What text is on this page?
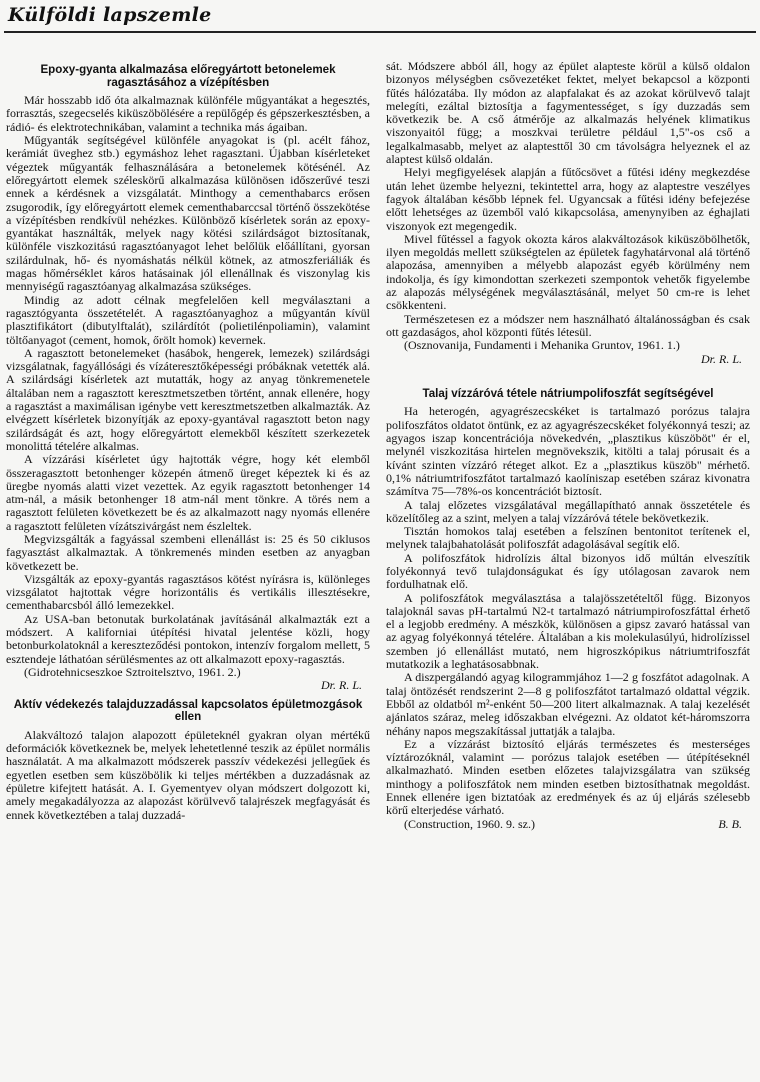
Külföldi lapszemle
Epoxy-gyanta alkalmazása előregyártott betonelemek ragasztásához a vízépítésben

Már hosszabb idő óta alkalmaznak különféle műgyantákat a hegesztés, forrasztás, szegecselés kiküszöbölésére a repülőgép és gépszerkesztésben, a rádió- és elektrotechnikában, valamint a technika más ágaiban.

Műgyanták segítségével különféle anyagokat is (pl. acélt fához, kerámiát üveghez stb.) egymáshoz lehet ragasztani. Újabban kísérleteket végeztek műgyanták felhasználására a betonelemek kötésénél. Az előregyártott elemek széleskörű alkalmazása különösen időszerűvé teszi ennek a kérdésnek a vizsgálatát. Minthogy a cementhabarcs erősen zsugorodik, így előregyártott elemek cementhabarccsal történő összekötése a vízépítésben rendkívül nehézkes. Különböző kísérletek során az epoxy-gyantákat használták, melyek nagy kötési szilárdságot biztosítanak, különféle viszkozitású ragasztóanyagot lehet belőlük előállítani, gyorsan szilárdulnak, hő- és nyomáshatás nélkül kötnek, az atmoszferiáliák és magas hőmérséklet káros hatásainak jól ellenállnak és viszonylag kis mennyiségű ragasztóanyag alkalmazása szükséges.

Mindig az adott célnak megfelelően kell megválasztani a ragasztógyanta összetételét. A ragasztóanyaghoz a műgyantán kívül plasztifikátort (dibutylftalát), szilárdítót (polietilénpoliamin), valamint töltőanyagot (cement, homok, őrölt homok) kevernek.

A ragasztott betonelemeket (hasábok, hengerek, lemezek) szilárdsági vizsgálatnak, fagyállósági és vízáteresztőképességi próbáknak vetették alá. A szilárdsági kísérletek azt mutatták, hogy az anyag tönkremenetele általában nem a ragasztott keresztmetszetben történt, annak ellenére, hogy a ragasztást a maximálisan igénybe vett keresztmetszetben alkalmazták. Az elvégzett kísérletek bizonyítják az epoxy-gyantával ragasztott beton nagy szilárdságát és azt, hogy előregyártott elemekből készített szerkezetek monolittá tételére alkalmas.

A vízzárási kísérletet úgy hajtották végre, hogy két elemből összeragasztott betonhenger közepén átmenő üreget képeztek ki és az üregbe nyomás alatti vizet vezettek. Az egyik ragasztott betonhenger 14 atm-nál, a másik betonhenger 18 atm-nál ment tönkre. A törés nem a ragasztott felületen következett be és az alkalmazott nagy nyomás ellenére a ragasztott felületen vízátszivárgást nem észleltek.

Megvizsgálták a fagyással szembeni ellenállást is: 25 és 50 ciklusos fagyasztást alkalmaztak. A tönkremenés minden esetben az anyagban következett be.

Vizsgálták az epoxy-gyantás ragasztásos kötést nyírásra is, különleges vizsgálatot hajtottak végre horizontális és vertikális illesztésekre, cementhabarcsból álló lemezekkel.

Az USA-ban betonutak burkolatának javításánál alkalmazták ezt a módszert. A kaliforniai útépítési hivatal jelentése közli, hogy betonburkolatoknál a kereszteződési pontokon, intenzív forgalom mellett, 5 esztendeje láthatóan sérülésmentes az ott alkalmazott epoxy-ragasztás.

(Gidrotehnicseszkoe Sztroitelsztvo, 1961. 2.)

Dr. R. L.
Aktív védekezés talajduzzadással kapcsolatos épületmozgások ellen

Alakváltozó talajon alapozott épületeknél gyakran olyan mértékű deformációk következnek be, melyek lehetetlenné teszik az épület normális használatát. A ma alkalmazott módszerek passzív védekezési jellegűek és egyetlen esetben sem küszöbölik ki teljes mértékben a duzzadásnak az épületre kifejtett hatását. A. I. Gyementyev olyan módszert dolgozott ki, amely megakadályozza az alapozást körülvevő talajrészek megfagyását és ennek következtében a talaj duzzadá-

sát. Módszere abból áll, hogy az épület alapteste körül a külső oldalon bizonyos mélységben csővezetéket fektet, melyet bekapcsol a központi fűtés hálózatába. Ily módon az alapfalakat és az azokat körülvevő talajt melegíti, ezáltal biztosítja a fagymentességet, s így duzzadás sem következik be. A cső átmérője az alkalmazás helyének klimatikus viszonyaitól függ; a moszkvai területre például 1,5"-os cső a legalkalmasabb, melyet az alaptesttől 30 cm távolságra helyeznek el az alaptest külső oldalán.

Helyi megfigyelések alapján a fűtőcsövet a fűtési idény megkezdése után lehet üzembe helyezni, tekintettel arra, hogy az alaptestre veszélyes fagyok általában később lépnek fel. Ugyancsak a fűtési idény befejezése előtt lehetséges az üzemből való kikapcsolása, amenynyiben az éghajlati viszonyok ezt megengedik.

Mivel fűtéssel a fagyok okozta káros alakváltozások kiküszöbölhetők, ilyen megoldás mellett szükségtelen az épületek fagyhatárvonal alá történő alapozása, amennyiben a mélyebb alapozást egyéb körülmény nem indokolja, és így kimondottan szerkezeti szempontok vehetők figyelembe az alapozás mélységének megválasztásánál, melyet 50 cm-re is lehet csökkenteni.

Természetesen ez a módszer nem használható általánosságban és csak ott gazdaságos, ahol központi fűtés létesül.

(Osznovanija, Fundamenti i Mehanika Gruntov, 1961. 1.)

Dr. R. L.
Talaj vízzáróvá tétele nátriumpolifoszfát segítségével

Ha heterogén, agyagrészecskéket is tartalmazó porózus talajra polifoszfátos oldatot öntünk, ez az agyagrészecskéket folyékonnyá teszi; az agyagos iszap koncentrációja növekedvén, „plasztikus küszöböt" ér el, melynél viszkozitása hirtelen megnövekszik, kitölti a talaj pórusait és a kívánt szinten vízzáró réteget alkot. Ez a „plasztikus küszöb" mérhető. 0,1% nátriumtrifoszfátot tartalmazó kaolíniszap esetében száraz kivonatra számítva 75—78%-os koncentrációt biztosít.

A talaj előzetes vizsgálatával megállapítható annak összetétele és közelítőleg az a szint, melyen a talaj vízzáróvá tétele bekövetkezik.

Tisztán homokos talaj esetében a felszínen bentonitot terítenek el, melynek talajbahatolását polifoszfát adagolásával segítik elő.

A polifoszfátok hidrolízis által bizonyos idő múltán elveszítik folyékonnyá tevő tulajdonságukat és így utólagosan zavarok nem fordulhatnak elő.

A polifoszfátok megválasztása a talajösszetételtől függ. Bizonyos talajoknál savas pH-tartalmú N2-t tartalmazó nátriumpirofoszfáttal érhető el a legjobb eredmény. A mészkök, különösen a gipsz zavaró hatással van az agyag folyékonnyá tételére. Általában a kis molekulasúlyú, hidrolízissel szemben jó ellenállást mutató, nem higroszkópikus nátriumtrifoszfát mutatkozik a leghatásosabbnak.

A diszpergálandó agyag kilogrammjához 1—2 g foszfátot adagolnak. A talaj öntözését rendszerint 2—8 g polifoszfátot tartalmazó oldattal végzik. Ebből az oldatból m²-enként 50—200 litert alkalmaznak. A talaj kezelését ajánlatos száraz, meleg időszakban elvégezni. Az oldatot két-háromszorra néhány napos megszakítással juttatják a talajba.

Ez a vízzárást biztosító eljárás természetes és mesterséges víztározóknál, valamint — porózus talajok esetében — útépítéseknél alkalmazható. Minden esetben előzetes talajvizsgálatra van szükség minthogy a polifoszfátok nem minden esetben biztosíthatnak megoldást. Ennek ellenére igen biztatóak az eredmények és az új eljárás szélesebb körű elterjedése várható.

(Construction, 1960. 9. sz.)	B. B.
